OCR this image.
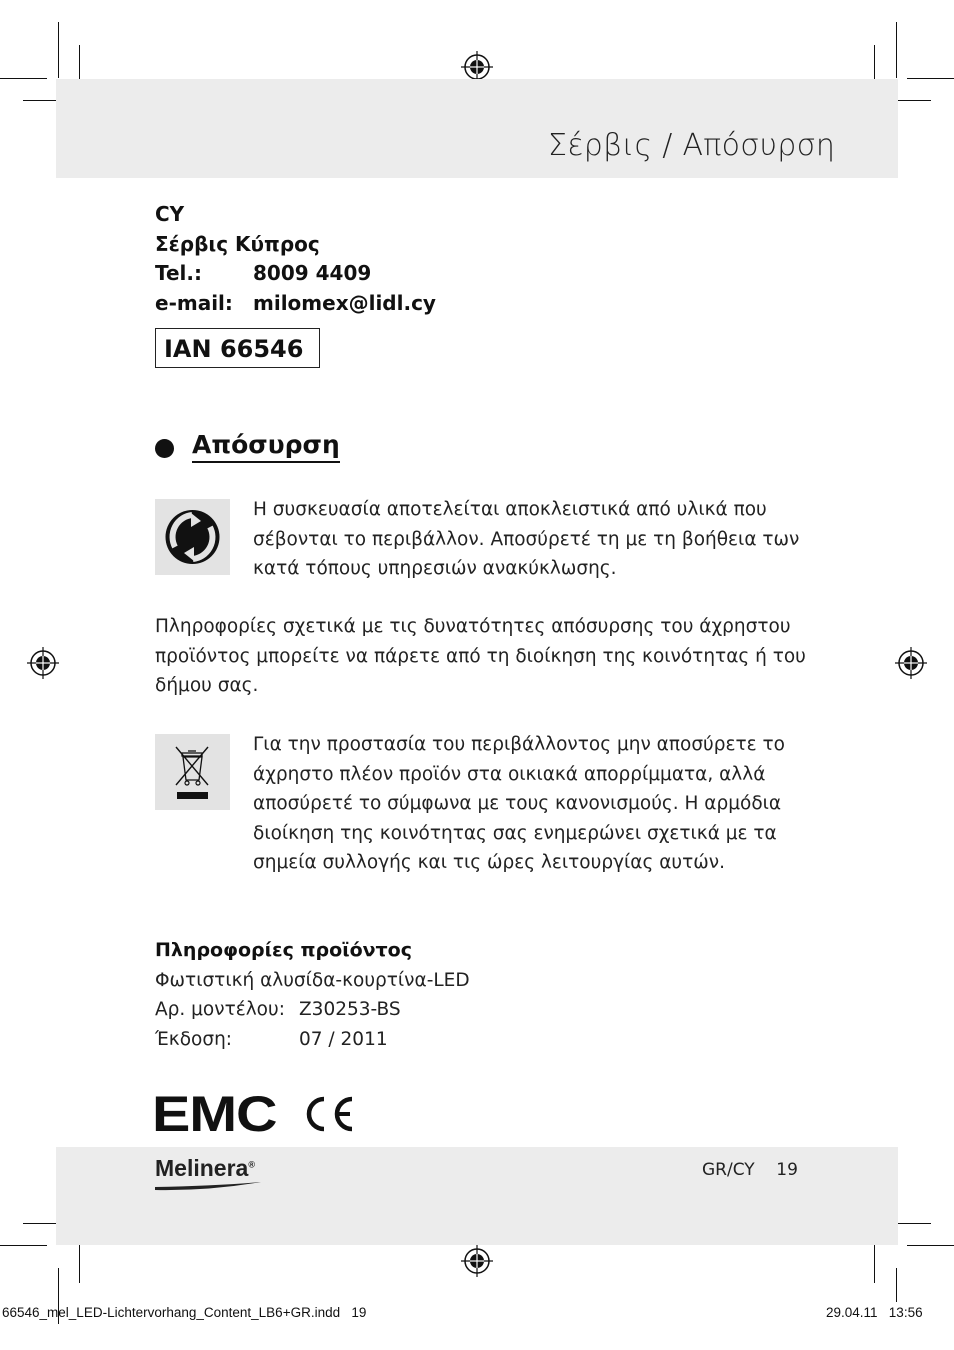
Σέρβις / Απόσυρση
CY
Σέρβις Κύπρος
Tel.:	8009 4409
e-mail:	milomex@lidl.cy
IAN 66546
Απόσυρση
Η συσκευασία αποτελείται αποκλειστικά από υλικά που σέβονται το περιβάλλον. Αποσύρετέ τη με τη βοήθεια των κατά τόπους υπηρεσιών ανακύκλωσης.
Πληροφορίες σχετικά με τις δυνατότητες απόσυρσης του άχρηστου προϊόντος μπορείτε να πάρετε από τη διοίκηση της κοινότητας ή του δήμου σας.
Για την προστασία του περιβάλλοντος μην αποσύρετε το άχρηστο πλέον προϊόν στα οικιακά απορρίμματα, αλλά αποσύρετέ το σύμφωνα με τους κανονισμούς. Η αρμόδια διοίκηση της κοινότητας σας ενημερώνει σχετικά με τα σημεία συλλογής και τις ώρες λειτουργίας αυτών.
Πληροφορίες προϊόντος
Φωτιστική αλυσίδα-κουρτίνα-LED
Αρ. μοντέλου: Z30253-BS
Έκδοση:	07 / 2011
EMC
Melinera®	GR/CY 19
66546_mel_LED-Lichtervorhang_Content_LB6+GR.indd   19	29.04.11   13:56
